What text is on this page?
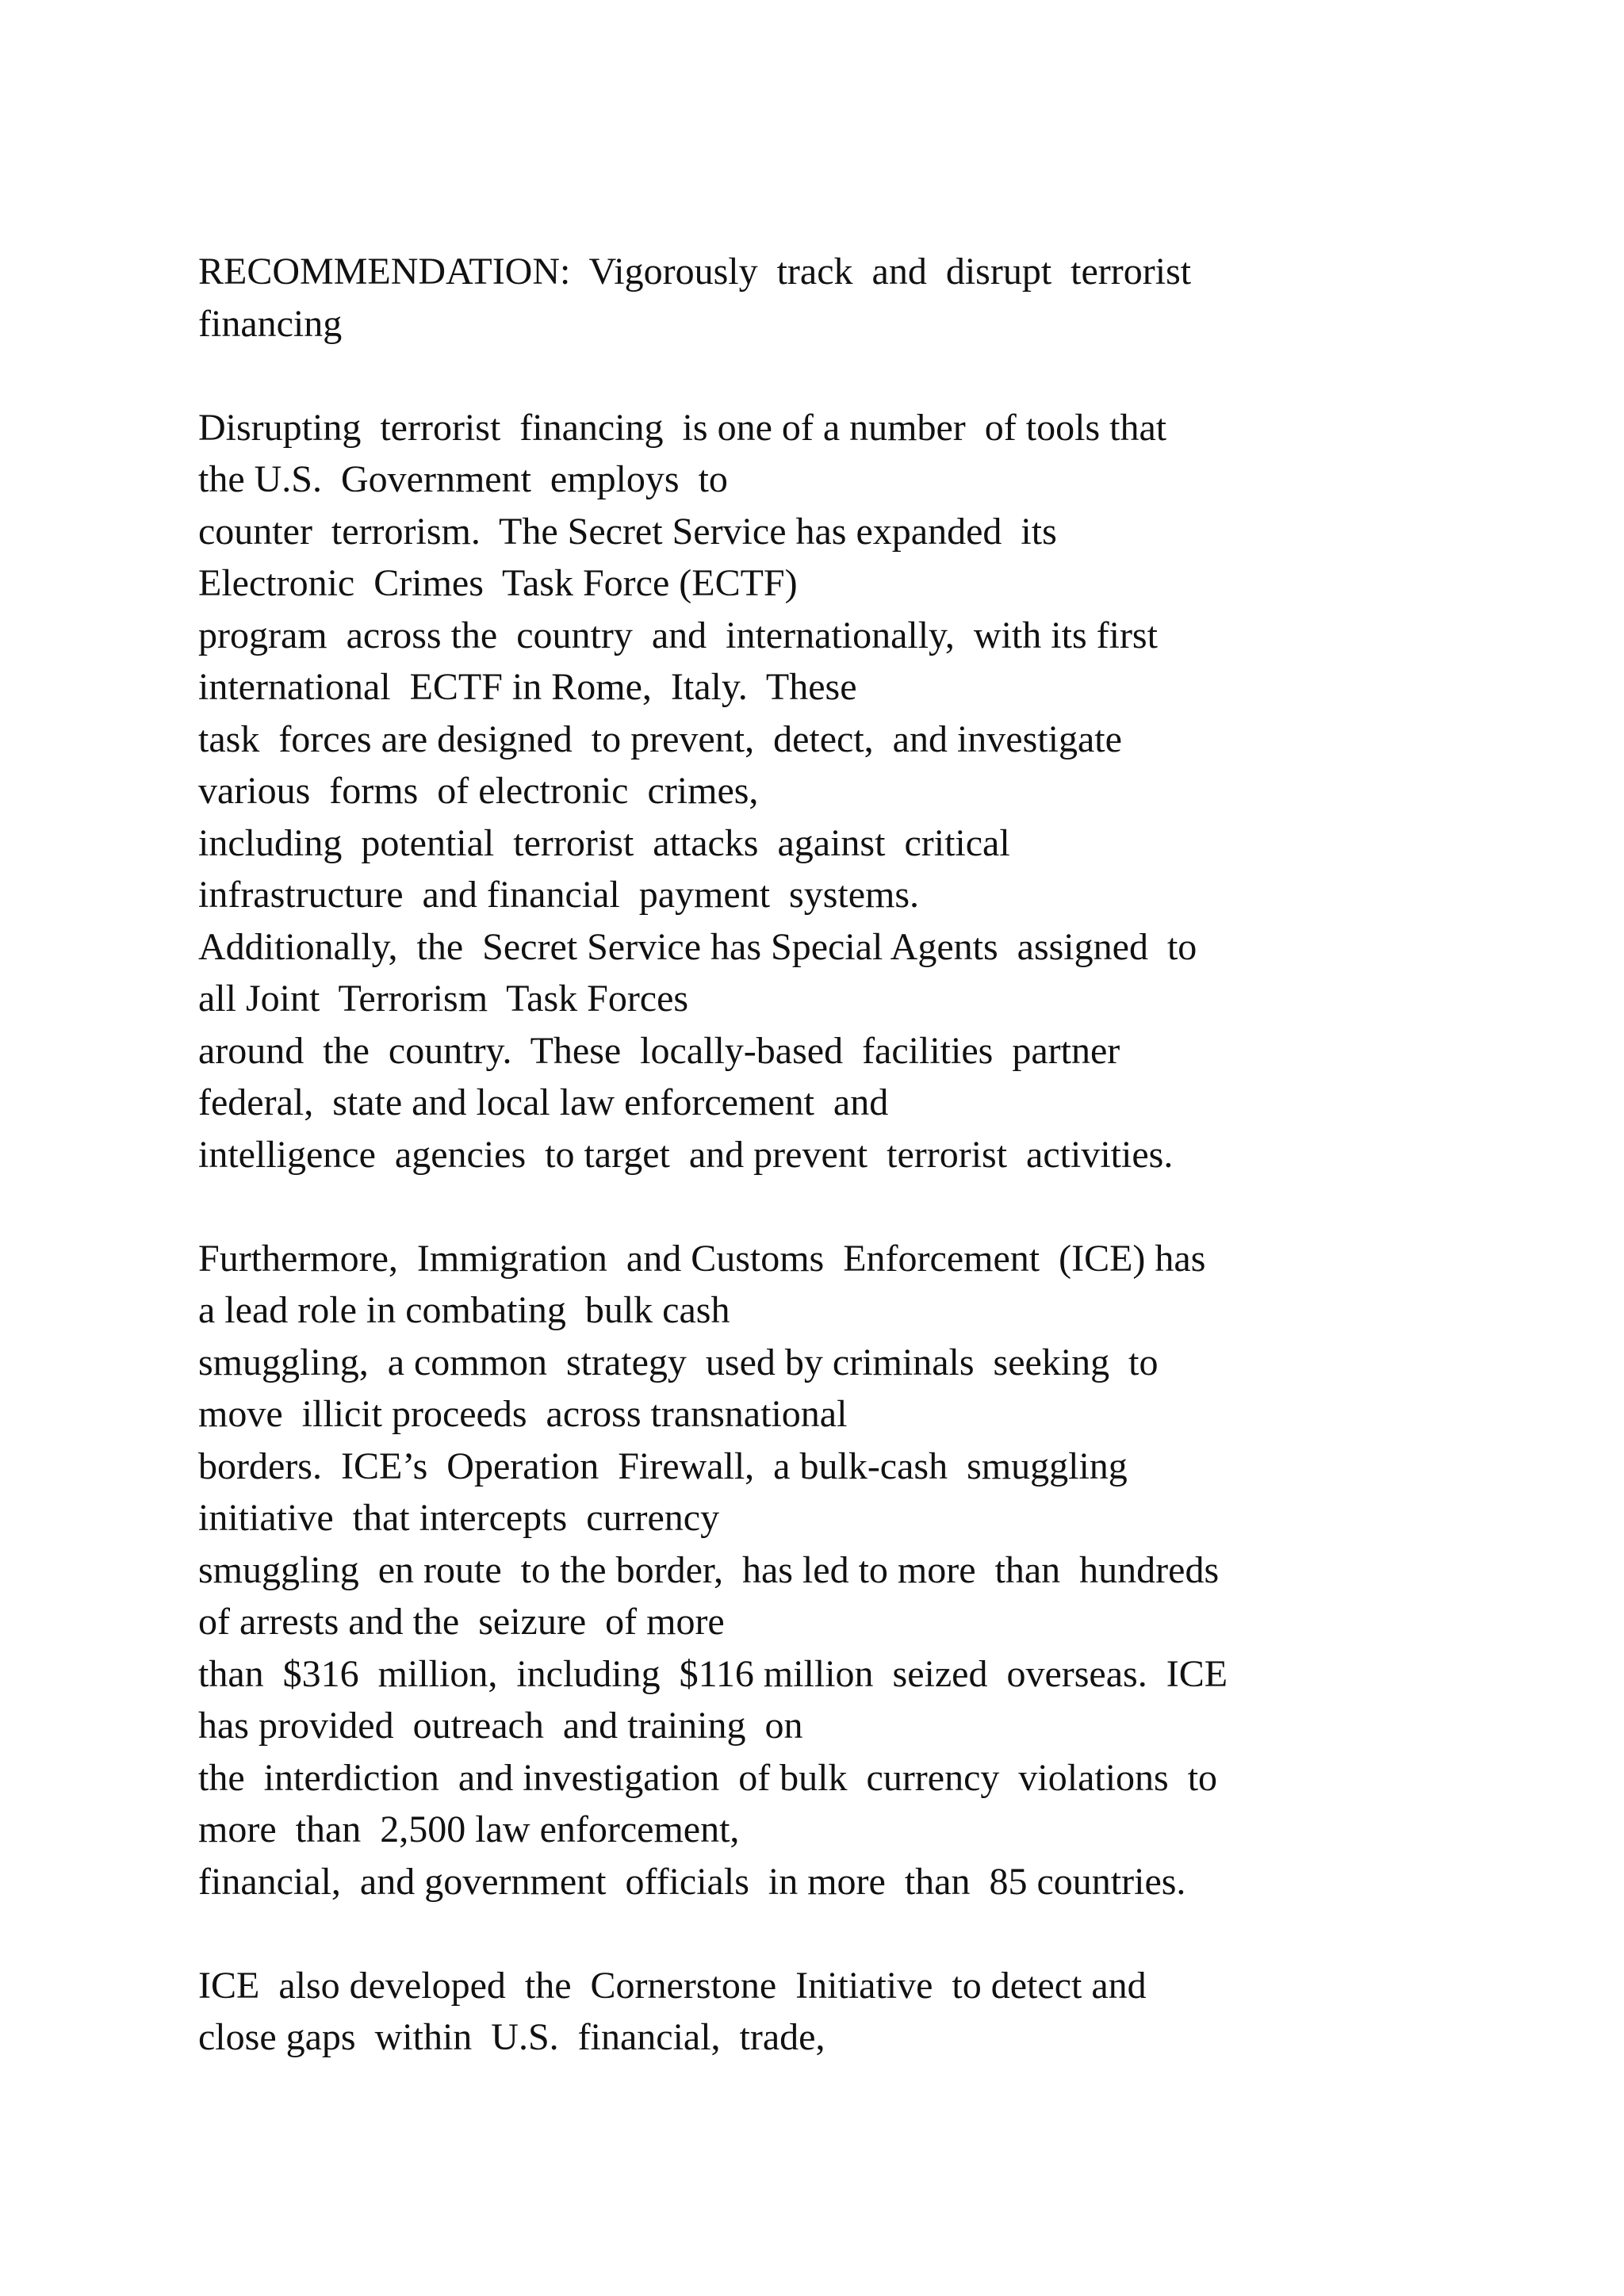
RECOMMENDATION:  Vigorously  track  and  disrupt  terrorist
financing
Disrupting  terrorist  financing  is one of a number  of tools that
the U.S.  Government  employs  to
counter  terrorism.  The Secret Service has expanded  its
Electronic  Crimes  Task Force (ECTF)
program  across the  country  and  internationally,  with its first
international  ECTF in Rome,  Italy.  These
task  forces are designed  to prevent,  detect,  and investigate
various  forms  of electronic  crimes,
including  potential  terrorist  attacks  against  critical
infrastructure  and financial  payment  systems.
Additionally,  the  Secret Service has Special Agents  assigned  to
all Joint  Terrorism  Task Forces
around  the  country.  These  locally-based  facilities  partner
federal,  state and local law enforcement  and
intelligence  agencies  to target  and prevent  terrorist  activities.
Furthermore,  Immigration  and Customs  Enforcement  (ICE) has
a lead role in combating  bulk cash
smuggling,  a common  strategy  used by criminals  seeking  to
move  illicit proceeds  across transnational
borders.  ICE’s  Operation  Firewall,  a bulk-cash  smuggling
initiative  that intercepts  currency
smuggling  en route  to the border,  has led to more  than  hundreds
of arrests and the  seizure  of more
than  $316  million,  including  $116 million  seized  overseas.  ICE
has provided  outreach  and training  on
the  interdiction  and investigation  of bulk  currency  violations  to
more  than  2,500 law enforcement,
financial,  and government  officials  in more  than  85 countries.
ICE  also developed  the  Cornerstone  Initiative  to detect and
close gaps  within  U.S.  financial,  trade,
